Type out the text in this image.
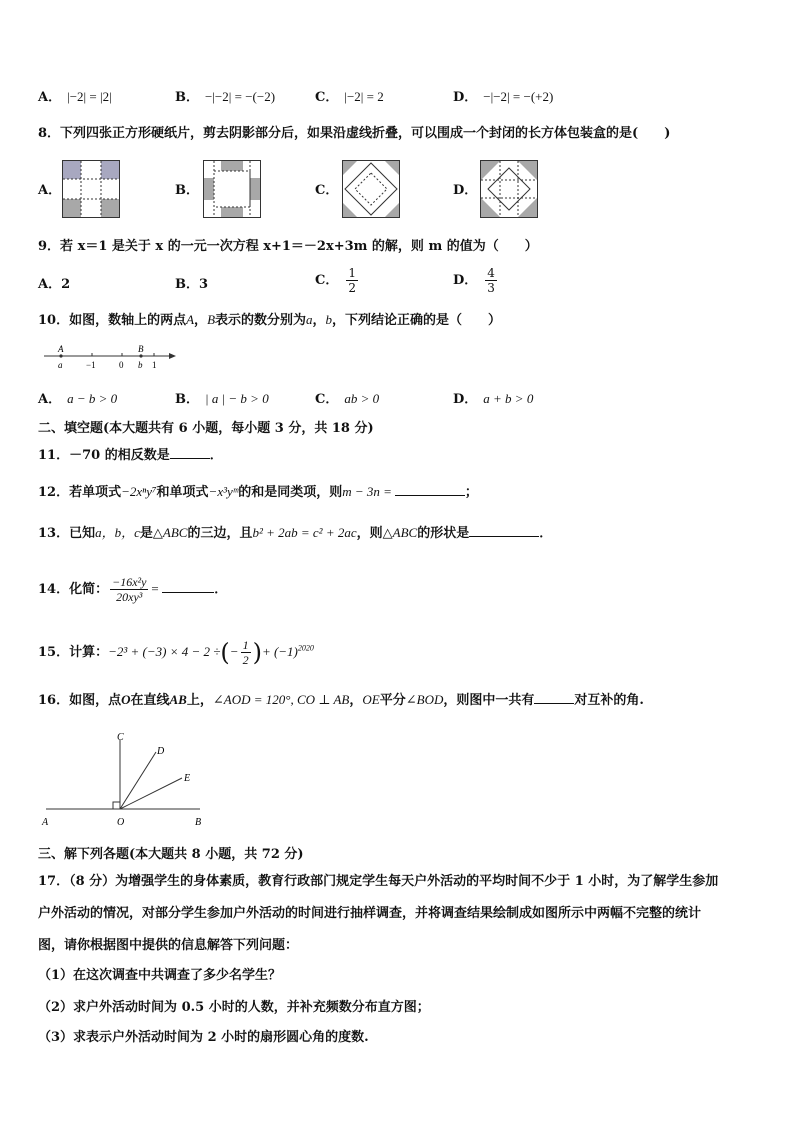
A． |−2| = |2|	B． −|−2| = −(−2)	C． |−2| = 2	D． −|−2| = −(+2)
8．下列四张正方形硬纸片，剪去阴影部分后，如果沿虚线折叠，可以围成一个封闭的长方体包装盒的是(　　)
A．	B．	C．	D．
9．若 x＝1 是关于 x 的一元一次方程 x+1＝－2x+3m 的解，则 m 的值为（　　）
A．2	B．3	C． $\frac{1}{2}$	D． $\frac{4}{3}$
10．如图，数轴上的两点A，B表示的数分别为a，b，下列结论正确的是（　　）
A	B
a	−1	0 b 1
A． a − b > 0	B． | a | − b > 0	C． ab > 0	D． a + b > 0
二、填空题(本大题共有 6 小题，每小题 3 分，共 18 分)
11．－70 的相反数是	．
12．若单项式−2xⁿy⁷和单项式−x³yᵐ的和是同类项，则m − 3n =	；
13．已知a，b，c是△ABC的三边，且b² + 2ab = c² + 2ac，则△ABC的形状是	．
14．化简： $\frac{\text{−16x²y}}{\text{20xy³}}$ =	．
15．计算：−2³ + (−3) × 4 − 2 ÷(− $\frac{1}{2}$ )+ $(-1)^{2020}$
16．如图，点O在直线AB上，∠AOD = 120°, CO ⊥ AB，OE平分∠BOD，则图中一共有	对互补的角.
A	O	B
C
D
E
三、解下列各题(本大题共 8 小题，共 72 分)
17．（8 分）为增强学生的身体素质，教育行政部门规定学生每天户外活动的平均时间不少于 1 小时，为了解学生参加
户外活动的情况，对部分学生参加户外活动的时间进行抽样调查，并将调查结果绘制成如图所示中两幅不完整的统计
图，请你根据图中提供的信息解答下列问题：
（1）在这次调查中共调查了多少名学生？
（2）求户外活动时间为 0.5 小时的人数，并补充频数分布直方图；
（3）求表示户外活动时间为 2 小时的扇形圆心角的度数.
